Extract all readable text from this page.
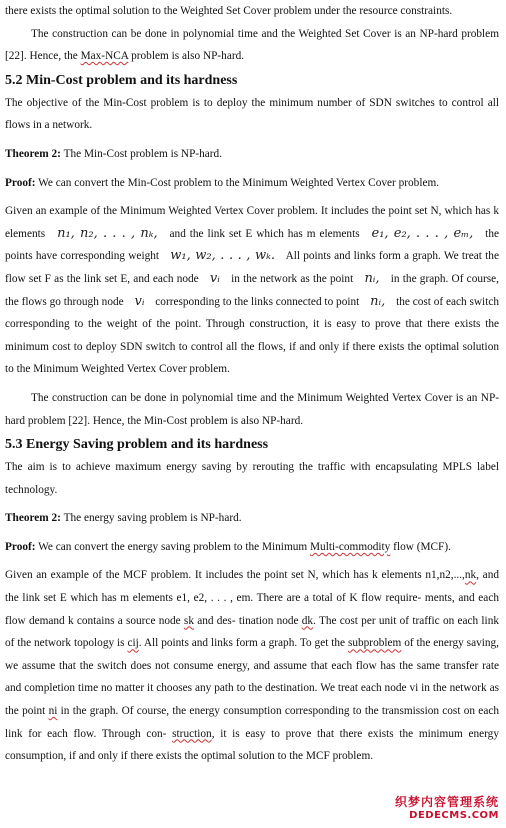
there exists the optimal solution to the Weighted Set Cover problem under the resource constraints.

The construction can be done in polynomial time and the Weighted Set Cover is an NP-hard problem [22]. Hence, the Max-NCA problem is also NP-hard.

5.2 Min-Cost problem and its hardness

The objective of the Min-Cost problem is to deploy the minimum number of SDN switches to control all flows in a network.

Theorem 2: The Min-Cost problem is NP-hard.

Proof: We can convert the Min-Cost problem to the Minimum Weighted Vertex Cover problem.

Given an example of the Minimum Weighted Vertex Cover problem. It includes the point set N, which has k elements n₁, n₂, . . . , nₖ, and the link set E which has m elements e₁, e₂, . . . , eₘ, the points have corresponding weight w₁, w₂, . . . , wₖ. All points and links form a graph. We treat the flow set F as the link set E, and each node vᵢ in the network as the point nᵢ, in the graph. Of course, the flows go through node vᵢ corresponding to the links connected to point nᵢ, the cost of each switch corresponding to the weight of the point. Through construction, it is easy to prove that there exists the minimum cost to deploy SDN switch to control all the flows, if and only if there exists the optimal solution to the Minimum Weighted Vertex Cover problem.

The construction can be done in polynomial time and the Minimum Weighted Vertex Cover is an NP-hard problem [22]. Hence, the Min-Cost problem is also NP-hard.

5.3 Energy Saving problem and its hardness

The aim is to achieve maximum energy saving by rerouting the traffic with encapsulating MPLS label technology.

Theorem 2: The energy saving problem is NP-hard.

Proof: We can convert the energy saving problem to the Minimum Multi-commodity flow (MCF).

Given an example of the MCF problem. It includes the point set N, which has k elements n1,n2,...,nk, and the link set E which has m elements e1, e2, . . . , em. There are a total of K flow require- ments, and each flow demand k contains a source node sk and des- tination node dk. The cost per unit of traffic on each link of the network topology is cij. All points and links form a graph. To get the subproblem of the energy saving, we assume that the switch does not consume energy, and assume that each flow has the same transfer rate and completion time no matter it chooses any path to the destination. We treat each node vi in the network as the point ni in the graph. Of course, the energy consumption corresponding to the transmission cost on each link for each flow. Through con- struction, it is easy to prove that there exists the minimum energy consumption, if and only if there exists the optimal solution to the MCF problem.

织梦内容管理系统
DEDECMS.COM
